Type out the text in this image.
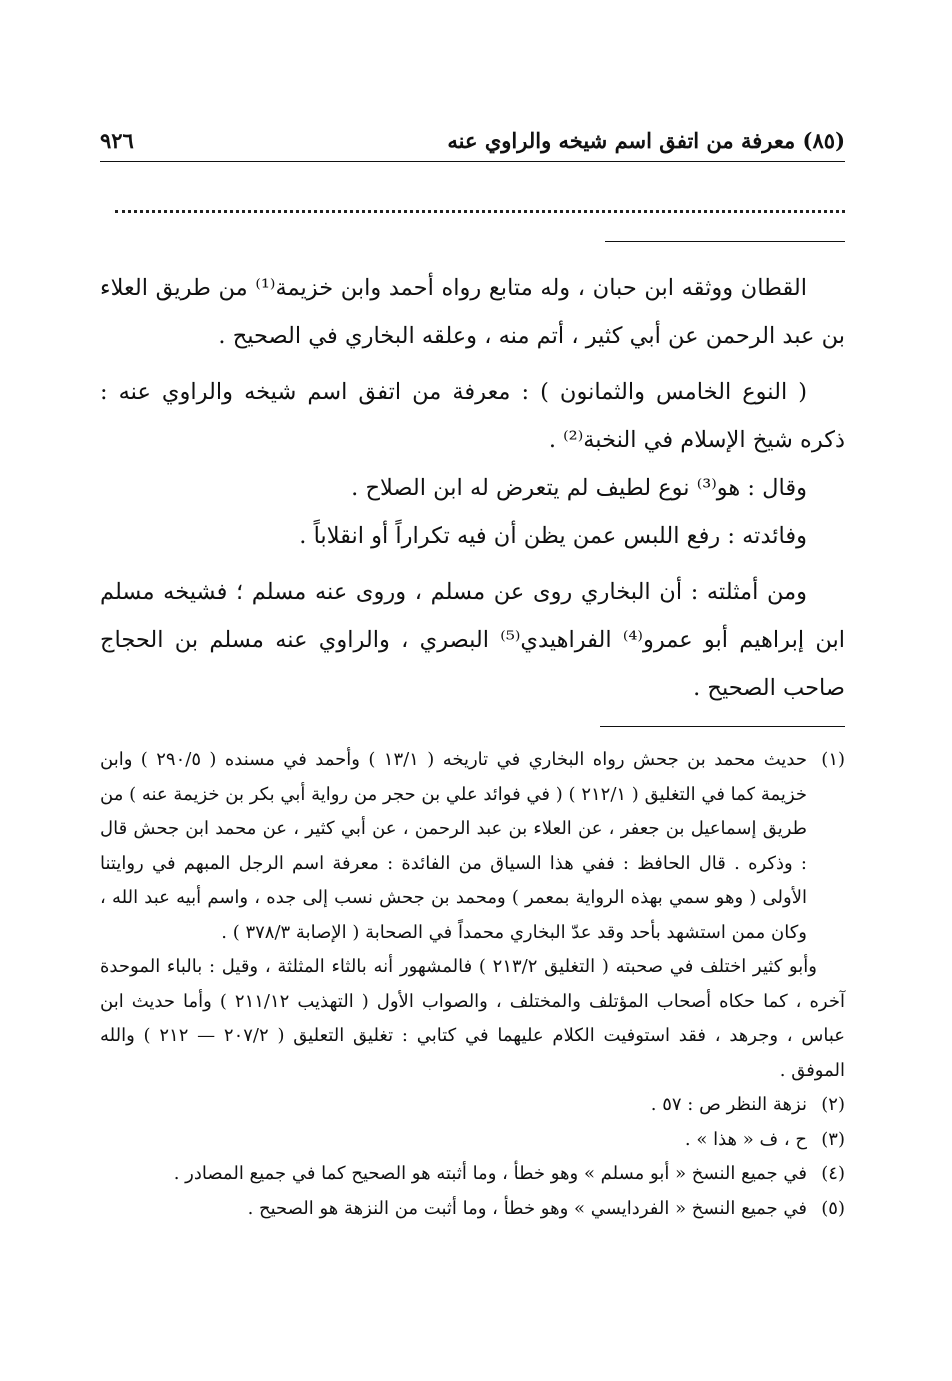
(٨٥) معرفة من اتفق اسم شيخه والراوي عنه
٩٢٦

القطان ووثقه ابن حبان ، وله متابع رواه أحمد وابن خزيمة⁽¹⁾ من طريق العلاء بن عبد الرحمن عن أبي كثير ، أتم منه ، وعلقه البخاري في الصحيح .

( النوع الخامس والثمانون ) : معرفة من اتفق اسم شيخه والراوي عنه : ذكره شيخ الإسلام في النخبة⁽²⁾ .

وقال : هو⁽³⁾ نوع لطيف لم يتعرض له ابن الصلاح .

وفائدته : رفع اللبس عمن يظن أن فيه تكراراً أو انقلاباً .

ومن أمثلته : أن البخاري روى عن مسلم ، وروى عنه مسلم ؛ فشيخه مسلم ابن إبراهيم أبو عمرو⁽⁴⁾ الفراهيدي⁽⁵⁾ البصري ، والراوي عنه مسلم بن الحجاج صاحب الصحيح .

(١)حديث محمد بن جحش رواه البخاري في تاريخه ( ١٣/١ ) وأحمد في مسنده ( ٢٩٠/٥ ) وابن خزيمة كما في التغليق ( ٢١٢/١ ) ( في فوائد علي بن حجر من رواية أبي بكر بن خزيمة عنه ) من طريق إسماعيل بن جعفر ، عن العلاء بن عبد الرحمن ، عن أبي كثير ، عن محمد ابن جحش قال : وذكره . قال الحافظ : ففي هذا السياق من الفائدة : معرفة اسم الرجل المبهم في روايتنا الأولى ( وهو سمي بهذه الرواية بمعمر ) ومحمد بن جحش نسب إلى جده ، واسم أبيه عبد الله ، وكان ممن استشهد بأحد وقد عدّ البخاري محمداً في الصحابة ( الإصابة ٣٧٨/٣ ) .

وأبو كثير اختلف في صحبته ( التغليق ٢١٣/٢ ) فالمشهور أنه بالثاء المثلثة ، وقيل : بالباء الموحدة آخره ، كما حكاه أصحاب المؤتلف والمختلف ، والصواب الأول ( التهذيب ٢١١/١٢ ) وأما حديث ابن عباس ، وجرهد ، فقد استوفيت الكلام عليهما في كتابي : تغليق التعليق ( ٢٠٧/٢ — ٢١٢ ) والله الموفق .

(٢)نزهة النظر ص : ٥٧ .

(٣)ح ، ف « هذا » .

(٤)في جميع النسخ « أبو مسلم » وهو خطأ ، وما أثبته هو الصحيح كما في جميع المصادر .

(٥)في جميع النسخ « الفردايسي » وهو خطأ ، وما أثبت من النزهة هو الصحيح .
